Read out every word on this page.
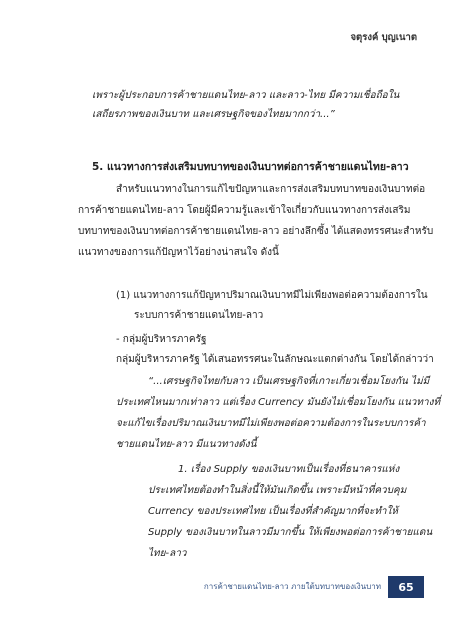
จตุรงค์ บุญเนาต
เพราะผู้ประกอบการค้าชายแดนไทย-ลาว และลาว-ไทย มีความเชื่อถือใน
เสถียรภาพของเงินบาท และเศรษฐกิจของไทยมากกว่า...”
5. แนวทางการส่งเสริมบทบาทของเงินบาทต่อการค้าชายแดนไทย-ลาว
สำหรับแนวทางในการแก้ไขปัญหาและการส่งเสริมบทบาทของเงินบาทต่อ
การค้าชายแดนไทย-ลาว โดยผู้มีความรู้และเข้าใจเกี่ยวกับแนวทางการส่งเสริม
บทบาทของเงินบาทต่อการค้าชายแดนไทย-ลาว อย่างลึกซึ้ง ได้แสดงทรรศนะสำหรับ
แนวทางของการแก้ปัญหาไว้อย่างน่าสนใจ ดังนี้
(1) แนวทางการแก้ปัญหาปริมาณเงินบาทมีไม่เพียงพอต่อความต้องการใน
ระบบการค้าชายแดนไทย-ลาว
- กลุ่มผู้บริหารภาครัฐ
กลุ่มผู้บริหารภาครัฐ ได้เสนอทรรศนะในลักษณะแตกต่างกัน โดยได้กล่าวว่า
“...เศรษฐกิจไทยกับลาว เป็นเศรษฐกิจที่เกาะเกี่ยวเชื่อมโยงกัน ไม่มี
ประเทศไหนมากเท่าลาว แต่เรื่อง Currency มันยังไม่เชื่อมโยงกัน แนวทางที่
จะแก้ไขเรื่องปริมาณเงินบาทมีไม่เพียงพอต่อความต้องการในระบบการค้า
ชายแดนไทย-ลาว มีแนวทางดังนี้
1. เรื่อง Supply ของเงินบาทเป็นเรื่องที่ธนาคารแห่ง
ประเทศไทยต้องทำในสิ่งนี้ให้มันเกิดขึ้น เพราะมีหน้าที่ควบคุม
Currency ของประเทศไทย เป็นเรื่องที่สำคัญมากที่จะทำให้
Supply ของเงินบาทในลาวมีมากขึ้น ให้เพียงพอต่อการค้าชายแดน
ไทย-ลาว
การค้าชายแดนไทย-ลาว ภายใต้บทบาทของเงินบาท 65
